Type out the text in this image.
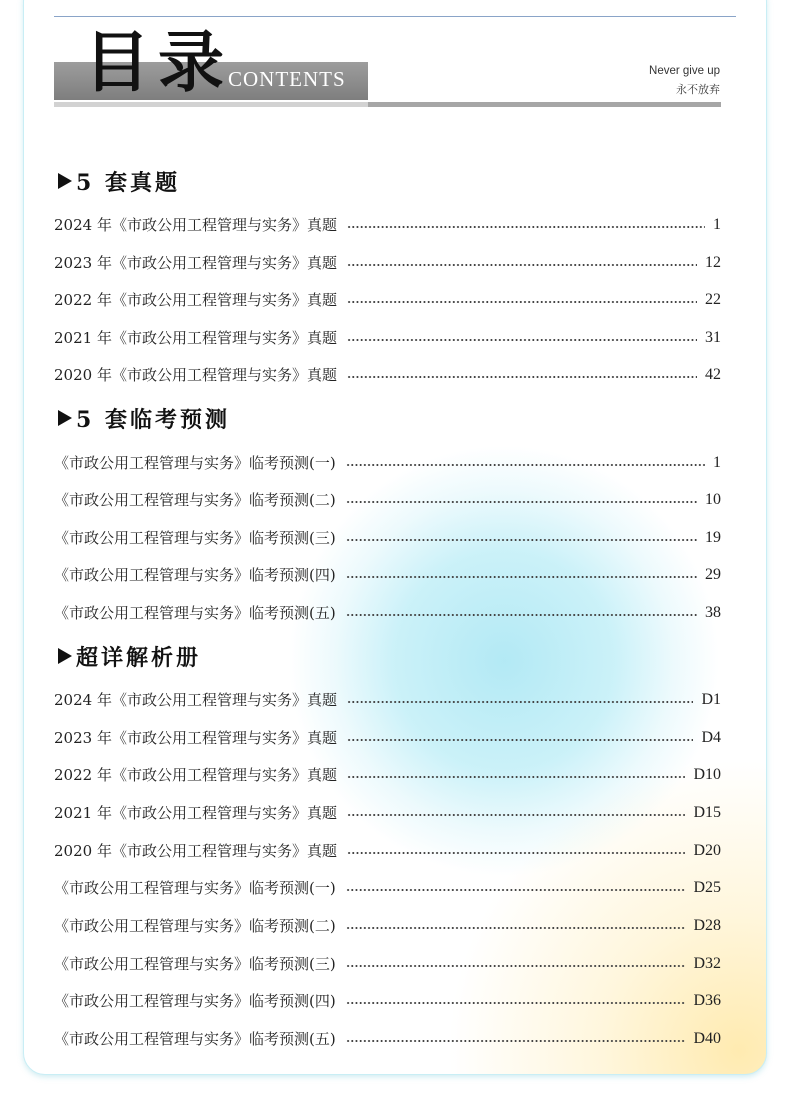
目录
CONTENTS	Never give up
永不放弃
5 套真题
2024 年《市政公用工程管理与实务》真题	1
2023 年《市政公用工程管理与实务》真题	12
2022 年《市政公用工程管理与实务》真题	22
2021 年《市政公用工程管理与实务》真题	31
2020 年《市政公用工程管理与实务》真题	42
5 套临考预测
《市政公用工程管理与实务》临考预测(一)	1
《市政公用工程管理与实务》临考预测(二)	10
《市政公用工程管理与实务》临考预测(三)	19
《市政公用工程管理与实务》临考预测(四)	29
《市政公用工程管理与实务》临考预测(五)	38
超详解析册
2024 年《市政公用工程管理与实务》真题	D1
2023 年《市政公用工程管理与实务》真题	D4
2022 年《市政公用工程管理与实务》真题	D10
2021 年《市政公用工程管理与实务》真题	D15
2020 年《市政公用工程管理与实务》真题	D20
《市政公用工程管理与实务》临考预测(一)	D25
《市政公用工程管理与实务》临考预测(二)	D28
《市政公用工程管理与实务》临考预测(三)	D32
《市政公用工程管理与实务》临考预测(四)	D36
《市政公用工程管理与实务》临考预测(五)	D40
